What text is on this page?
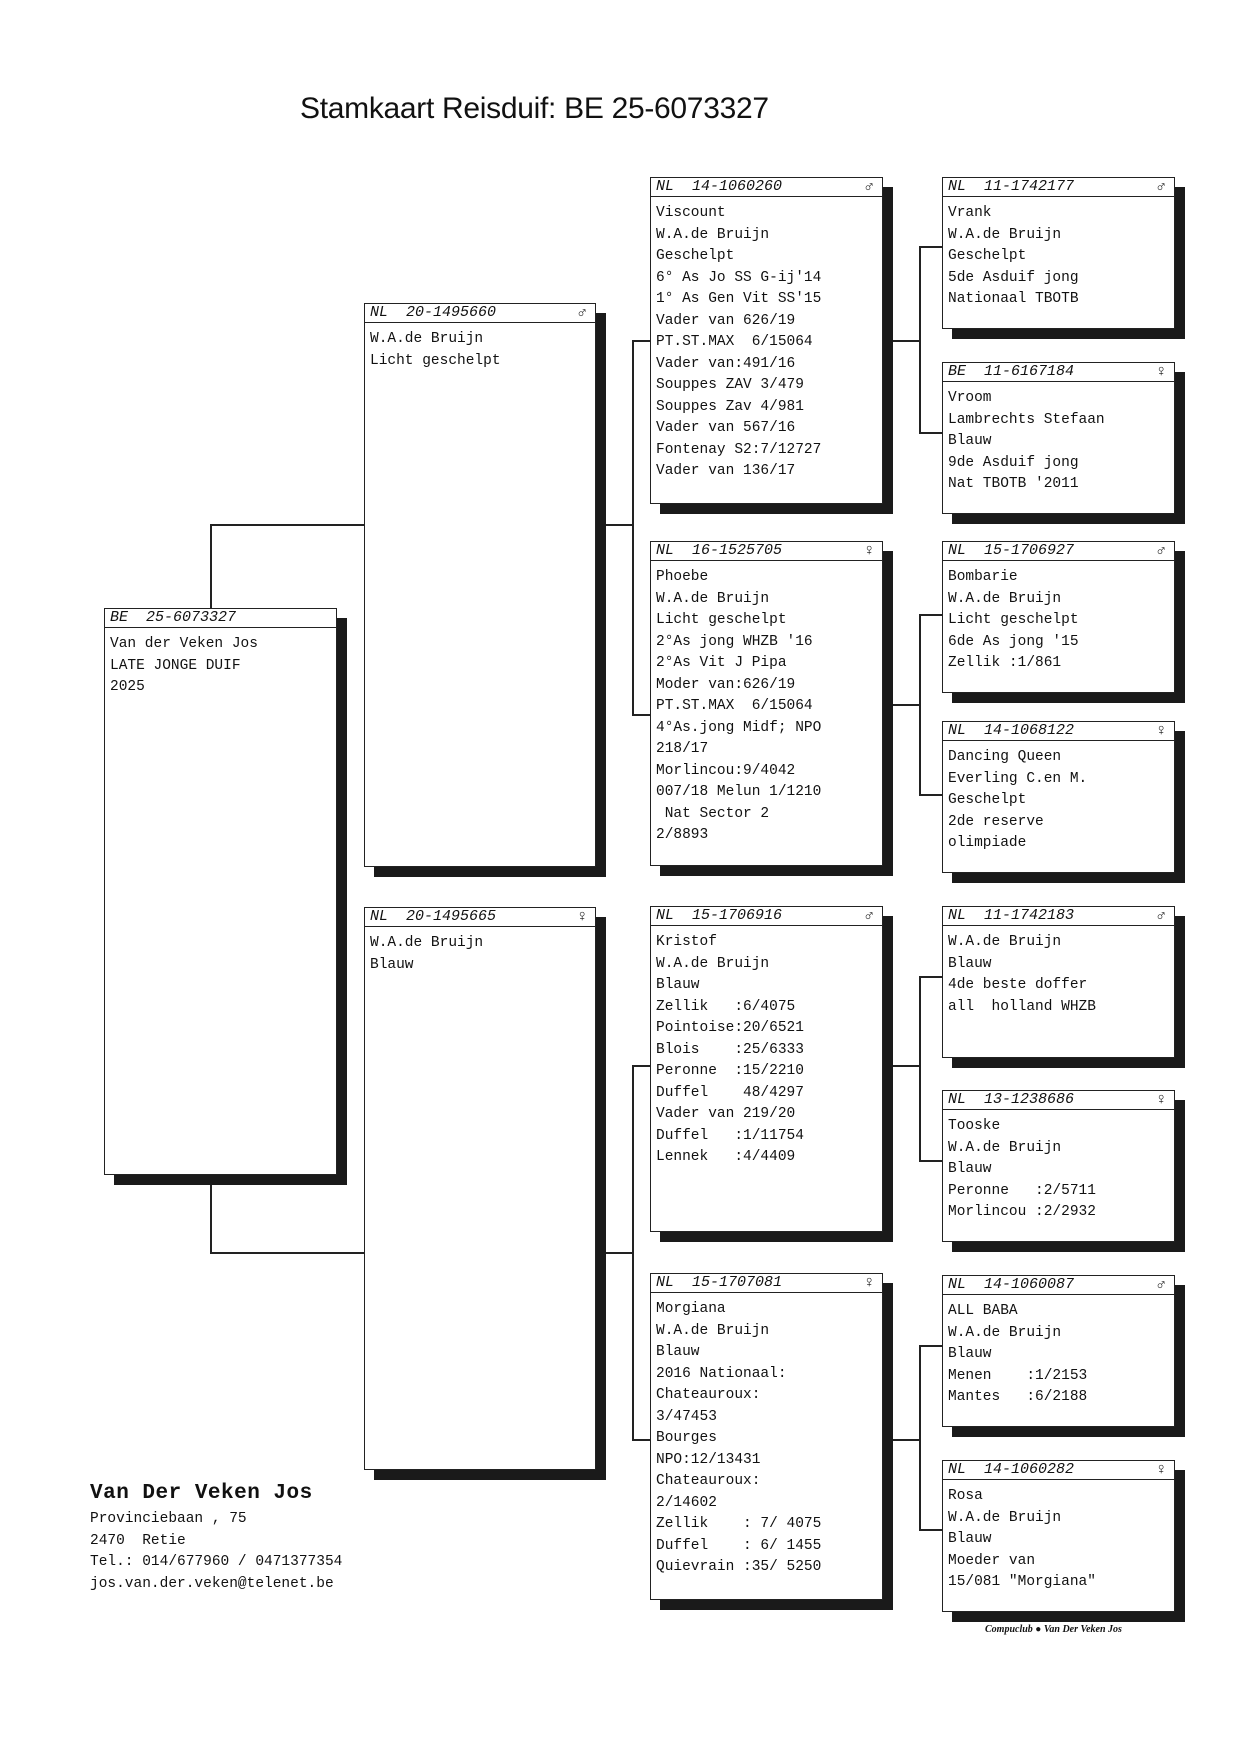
Stamkaart Reisduif: BE 25-6073327
BE 25-6073327
Van der Veken Jos
LATE JONGE DUIF
2025
NL 20-1495660	♂
W.A.de Bruijn
Licht geschelpt
NL 20-1495665	♀
W.A.de Bruijn
Blauw
NL 14-1060260	♂
Viscount
W.A.de Bruijn
Geschelpt
6° As Jo SS G-ij'14
1° As Gen Vit SS'15
Vader van 626/19
PT.ST.MAX  6/15064
Vader van:491/16
Souppes ZAV 3/479
Souppes Zav 4/981
Vader van 567/16
Fontenay S2:7/12727
Vader van 136/17
NL 16-1525705	♀
Phoebe
W.A.de Bruijn
Licht geschelpt
2°As jong WHZB '16
2°As Vit J Pipa
Moder van:626/19
PT.ST.MAX  6/15064
4°As.jong Midf; NPO
218/17
Morlincou:9/4042
007/18 Melun 1/1210
Nat Sector 2
2/8893
NL 15-1706916	♂
Kristof
W.A.de Bruijn
Blauw
Zellik   :6/4075
Pointoise:20/6521
Blois    :25/6333
Peronne  :15/2210
Duffel    48/4297
Vader van 219/20
Duffel   :1/11754
Lennek   :4/4409
NL 15-1707081	♀
Morgiana
W.A.de Bruijn
Blauw
2016 Nationaal:
Chateauroux:
3/47453
Bourges
NPO:12/13431
Chateauroux:
2/14602
Zellik    : 7/ 4075
Duffel    : 6/ 1455
Quievrain :35/ 5250
NL 11-1742177	♂
Vrank
W.A.de Bruijn
Geschelpt
5de Asduif jong
Nationaal TBOTB
BE 11-6167184	♀
Vroom
Lambrechts Stefaan
Blauw
9de Asduif jong
Nat TBOTB '2011
NL 15-1706927	♂
Bombarie
W.A.de Bruijn
Licht geschelpt
6de As jong '15
Zellik :1/861
NL 14-1068122	♀
Dancing Queen
Everling C.en M.
Geschelpt
2de reserve
olimpiade
NL 11-1742183	♂
W.A.de Bruijn
Blauw
4de beste doffer
all  holland WHZB
NL 13-1238686	♀
Tooske
W.A.de Bruijn
Blauw
Peronne   :2/5711
Morlincou :2/2932
NL 14-1060087	♂
ALL BABA
W.A.de Bruijn
Blauw
Menen    :1/2153
Mantes   :6/2188
NL 14-1060282	♀
Rosa
W.A.de Bruijn
Blauw
Moeder van
15/081 "Morgiana"
Van Der Veken Jos
Provinciebaan , 75
2470  Retie
Tel.: 014/677960 / 0471377354
jos.van.der.veken@telenet.be
Compuclub ● Van Der Veken Jos
